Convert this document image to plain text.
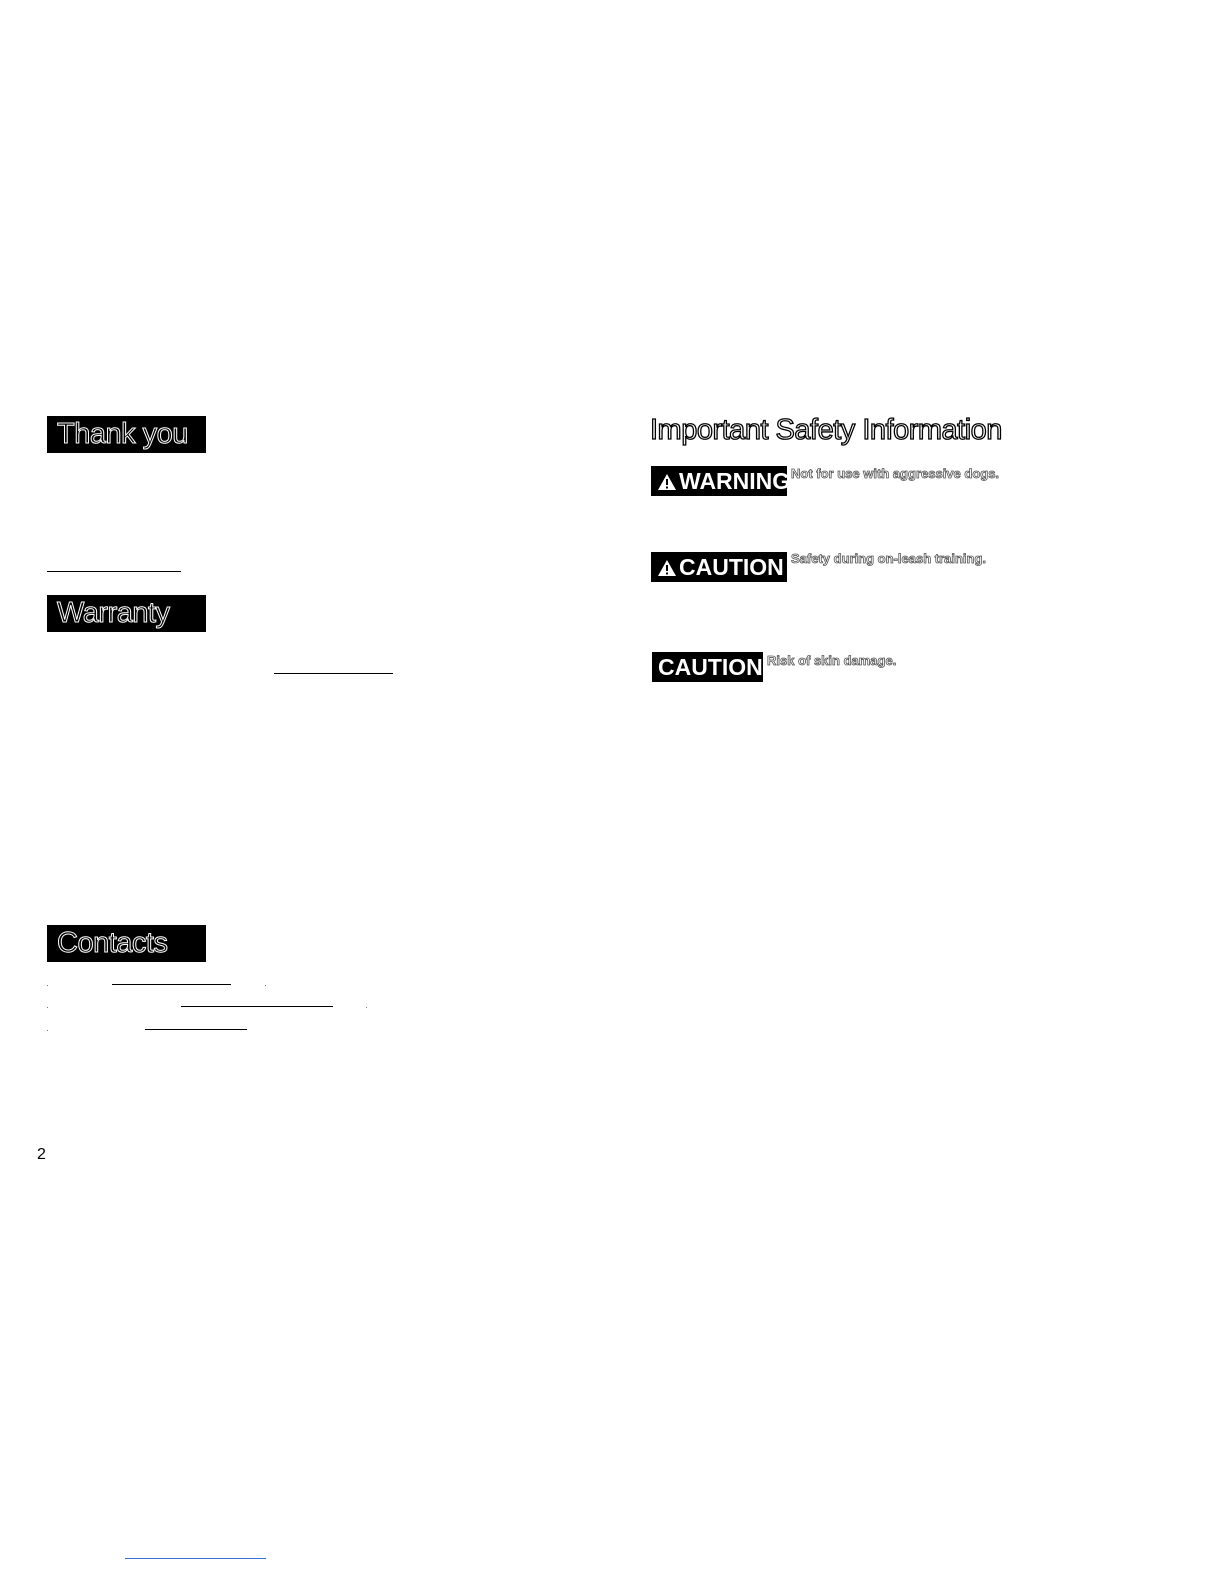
Thank you
Warranty
Contacts
2
Important Safety Information
WARNING Not for use with aggressive dogs.
CAUTION Safety during on-leash training.
CAUTION Risk of skin damage.
